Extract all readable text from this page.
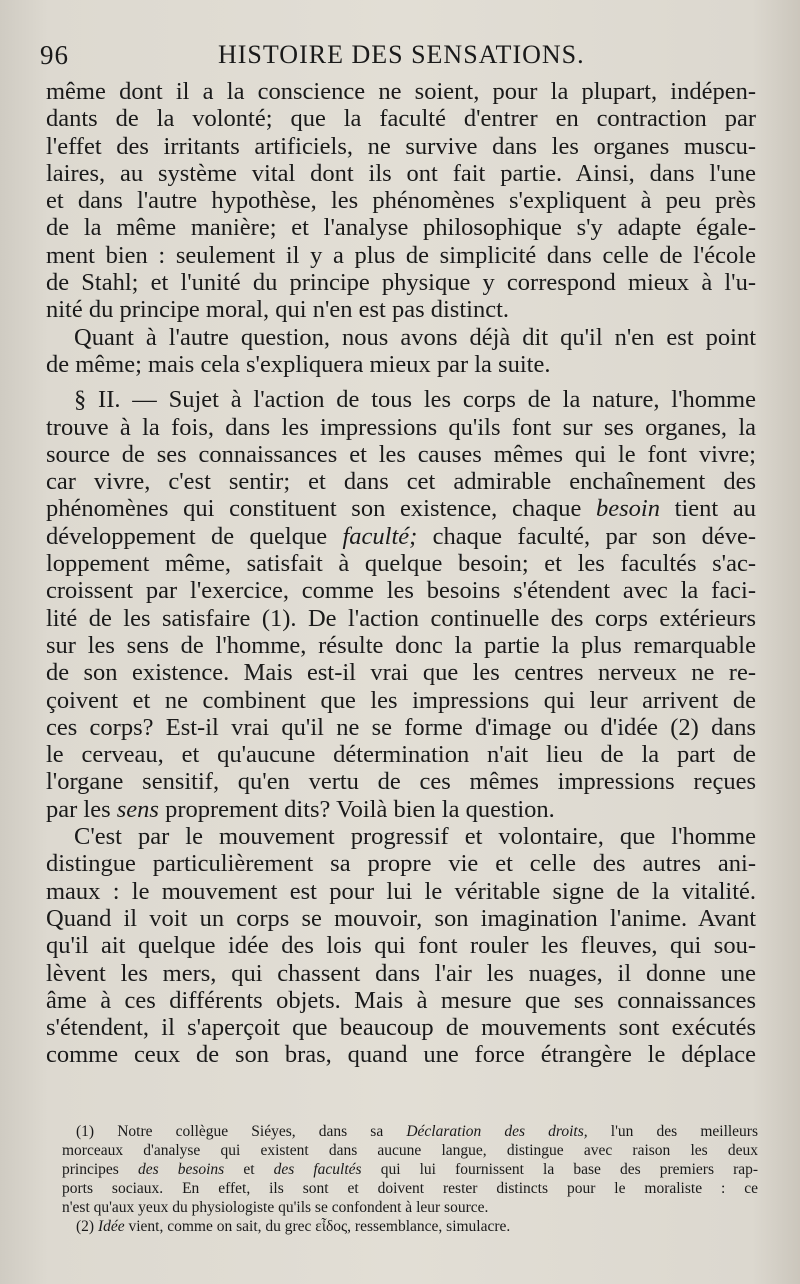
96	HISTOIRE DES SENSATIONS.
même dont il a la conscience ne soient, pour la plupart, indépen-
dants de la volonté; que la faculté d'entrer en contraction par
l'effet des irritants artificiels, ne survive dans les organes muscu-
laires, au système vital dont ils ont fait partie. Ainsi, dans l'une
et dans l'autre hypothèse, les phénomènes s'expliquent à peu près
de la même manière; et l'analyse philosophique s'y adapte égale-
ment bien : seulement il y a plus de simplicité dans celle de l'école
de Stahl; et l'unité du principe physique y correspond mieux à l'u-
nité du principe moral, qui n'en est pas distinct.
Quant à l'autre question, nous avons déjà dit qu'il n'en est point
de même; mais cela s'expliquera mieux par la suite.
§ II. — Sujet à l'action de tous les corps de la nature, l'homme
trouve à la fois, dans les impressions qu'ils font sur ses organes, la
source de ses connaissances et les causes mêmes qui le font vivre;
car vivre, c'est sentir; et dans cet admirable enchaînement des
phénomènes qui constituent son existence, chaque besoin tient au
développement de quelque faculté; chaque faculté, par son déve-
loppement même, satisfait à quelque besoin; et les facultés s'ac-
croissent par l'exercice, comme les besoins s'étendent avec la faci-
lité de les satisfaire (1). De l'action continuelle des corps extérieurs
sur les sens de l'homme, résulte donc la partie la plus remarquable
de son existence. Mais est-il vrai que les centres nerveux ne re-
çoivent et ne combinent que les impressions qui leur arrivent de
ces corps? Est-il vrai qu'il ne se forme d'image ou d'idée (2) dans
le cerveau, et qu'aucune détermination n'ait lieu de la part de
l'organe sensitif, qu'en vertu de ces mêmes impressions reçues
par les sens proprement dits? Voilà bien la question.
C'est par le mouvement progressif et volontaire, que l'homme
distingue particulièrement sa propre vie et celle des autres ani-
maux : le mouvement est pour lui le véritable signe de la vitalité.
Quand il voit un corps se mouvoir, son imagination l'anime. Avant
qu'il ait quelque idée des lois qui font rouler les fleuves, qui sou-
lèvent les mers, qui chassent dans l'air les nuages, il donne une
âme à ces différents objets. Mais à mesure que ses connaissances
s'étendent, il s'aperçoit que beaucoup de mouvements sont exécutés
comme ceux de son bras, quand une force étrangère le déplace
(1) Notre collègue Siéyes, dans sa Déclaration des droits, l'un des meilleurs
morceaux d'analyse qui existent dans aucune langue, distingue avec raison les deux
principes des besoins et des facultés qui lui fournissent la base des premiers rap-
ports sociaux. En effet, ils sont et doivent rester distincts pour le moraliste : ce
n'est qu'aux yeux du physiologiste qu'ils se confondent à leur source.
(2) Idée vient, comme on sait, du grec εἶδος, ressemblance, simulacre.
